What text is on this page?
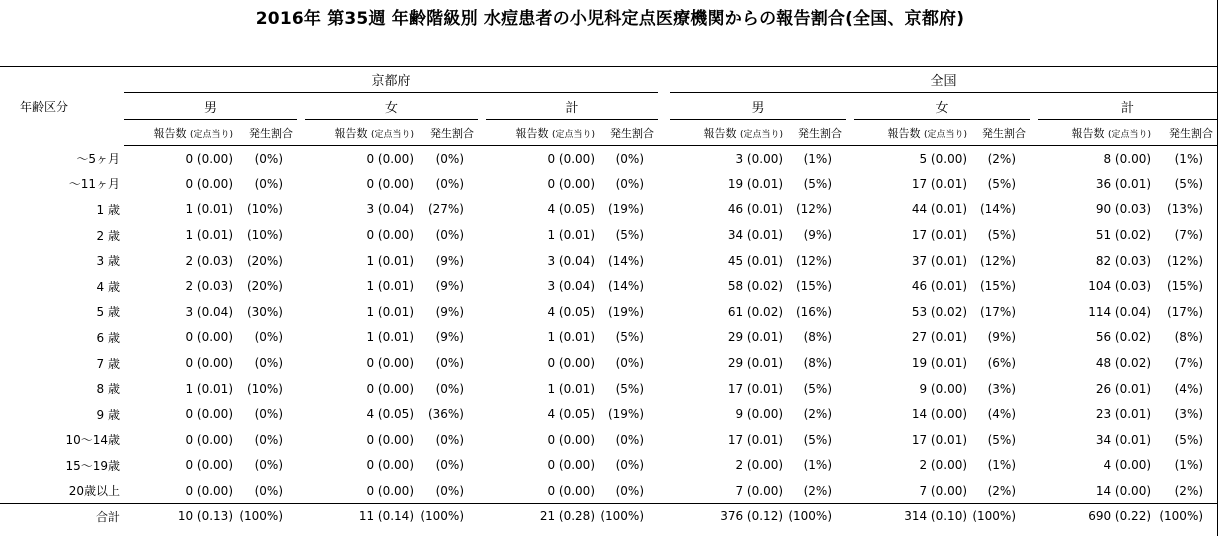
2016年 第35週 年齢階級別 水痘患者の小児科定点医療機関からの報告割合(全国、京都府)
年齢区分	京都府									全国							
	男			女			計			男			女			計	
	報告数 (定点当り)	発生割合		報告数 (定点当り)	発生割合		報告数 (定点当り)	発生割合		報告数 (定点当り)	発生割合		報告数 (定点当り)	発生割合		報告数 (定点当り)	発生割合
〜5ヶ月	0 (0.00)	(0%)		0 (0.00)	(0%)		0 (0.00)	(0%)		3 (0.00)	(1%)		5 (0.00)	(2%)		8 (0.00)	(1%)
〜11ヶ月	0 (0.00)	(0%)		0 (0.00)	(0%)		0 (0.00)	(0%)		19 (0.01)	(5%)		17 (0.01)	(5%)		36 (0.01)	(5%)
1 歳	1 (0.01)	(10%)		3 (0.04)	(27%)		4 (0.05)	(19%)		46 (0.01)	(12%)		44 (0.01)	(14%)		90 (0.03)	(13%)
2 歳	1 (0.01)	(10%)		0 (0.00)	(0%)		1 (0.01)	(5%)		34 (0.01)	(9%)		17 (0.01)	(5%)		51 (0.02)	(7%)
3 歳	2 (0.03)	(20%)		1 (0.01)	(9%)		3 (0.04)	(14%)		45 (0.01)	(12%)		37 (0.01)	(12%)		82 (0.03)	(12%)
4 歳	2 (0.03)	(20%)		1 (0.01)	(9%)		3 (0.04)	(14%)		58 (0.02)	(15%)		46 (0.01)	(15%)		104 (0.03)	(15%)
5 歳	3 (0.04)	(30%)		1 (0.01)	(9%)		4 (0.05)	(19%)		61 (0.02)	(16%)		53 (0.02)	(17%)		114 (0.04)	(17%)
6 歳	0 (0.00)	(0%)		1 (0.01)	(9%)		1 (0.01)	(5%)		29 (0.01)	(8%)		27 (0.01)	(9%)		56 (0.02)	(8%)
7 歳	0 (0.00)	(0%)		0 (0.00)	(0%)		0 (0.00)	(0%)		29 (0.01)	(8%)		19 (0.01)	(6%)		48 (0.02)	(7%)
8 歳	1 (0.01)	(10%)		0 (0.00)	(0%)		1 (0.01)	(5%)		17 (0.01)	(5%)		9 (0.00)	(3%)		26 (0.01)	(4%)
9 歳	0 (0.00)	(0%)		4 (0.05)	(36%)		4 (0.05)	(19%)		9 (0.00)	(2%)		14 (0.00)	(4%)		23 (0.01)	(3%)
10〜14歳	0 (0.00)	(0%)		0 (0.00)	(0%)		0 (0.00)	(0%)		17 (0.01)	(5%)		17 (0.01)	(5%)		34 (0.01)	(5%)
15〜19歳	0 (0.00)	(0%)		0 (0.00)	(0%)		0 (0.00)	(0%)		2 (0.00)	(1%)		2 (0.00)	(1%)		4 (0.00)	(1%)
20歳以上	0 (0.00)	(0%)		0 (0.00)	(0%)		0 (0.00)	(0%)		7 (0.00)	(2%)		7 (0.00)	(2%)		14 (0.00)	(2%)
合計	10 (0.13)	(100%)		11 (0.14)	(100%)		21 (0.28)	(100%)		376 (0.12)	(100%)		314 (0.10)	(100%)		690 (0.22)	(100%)
